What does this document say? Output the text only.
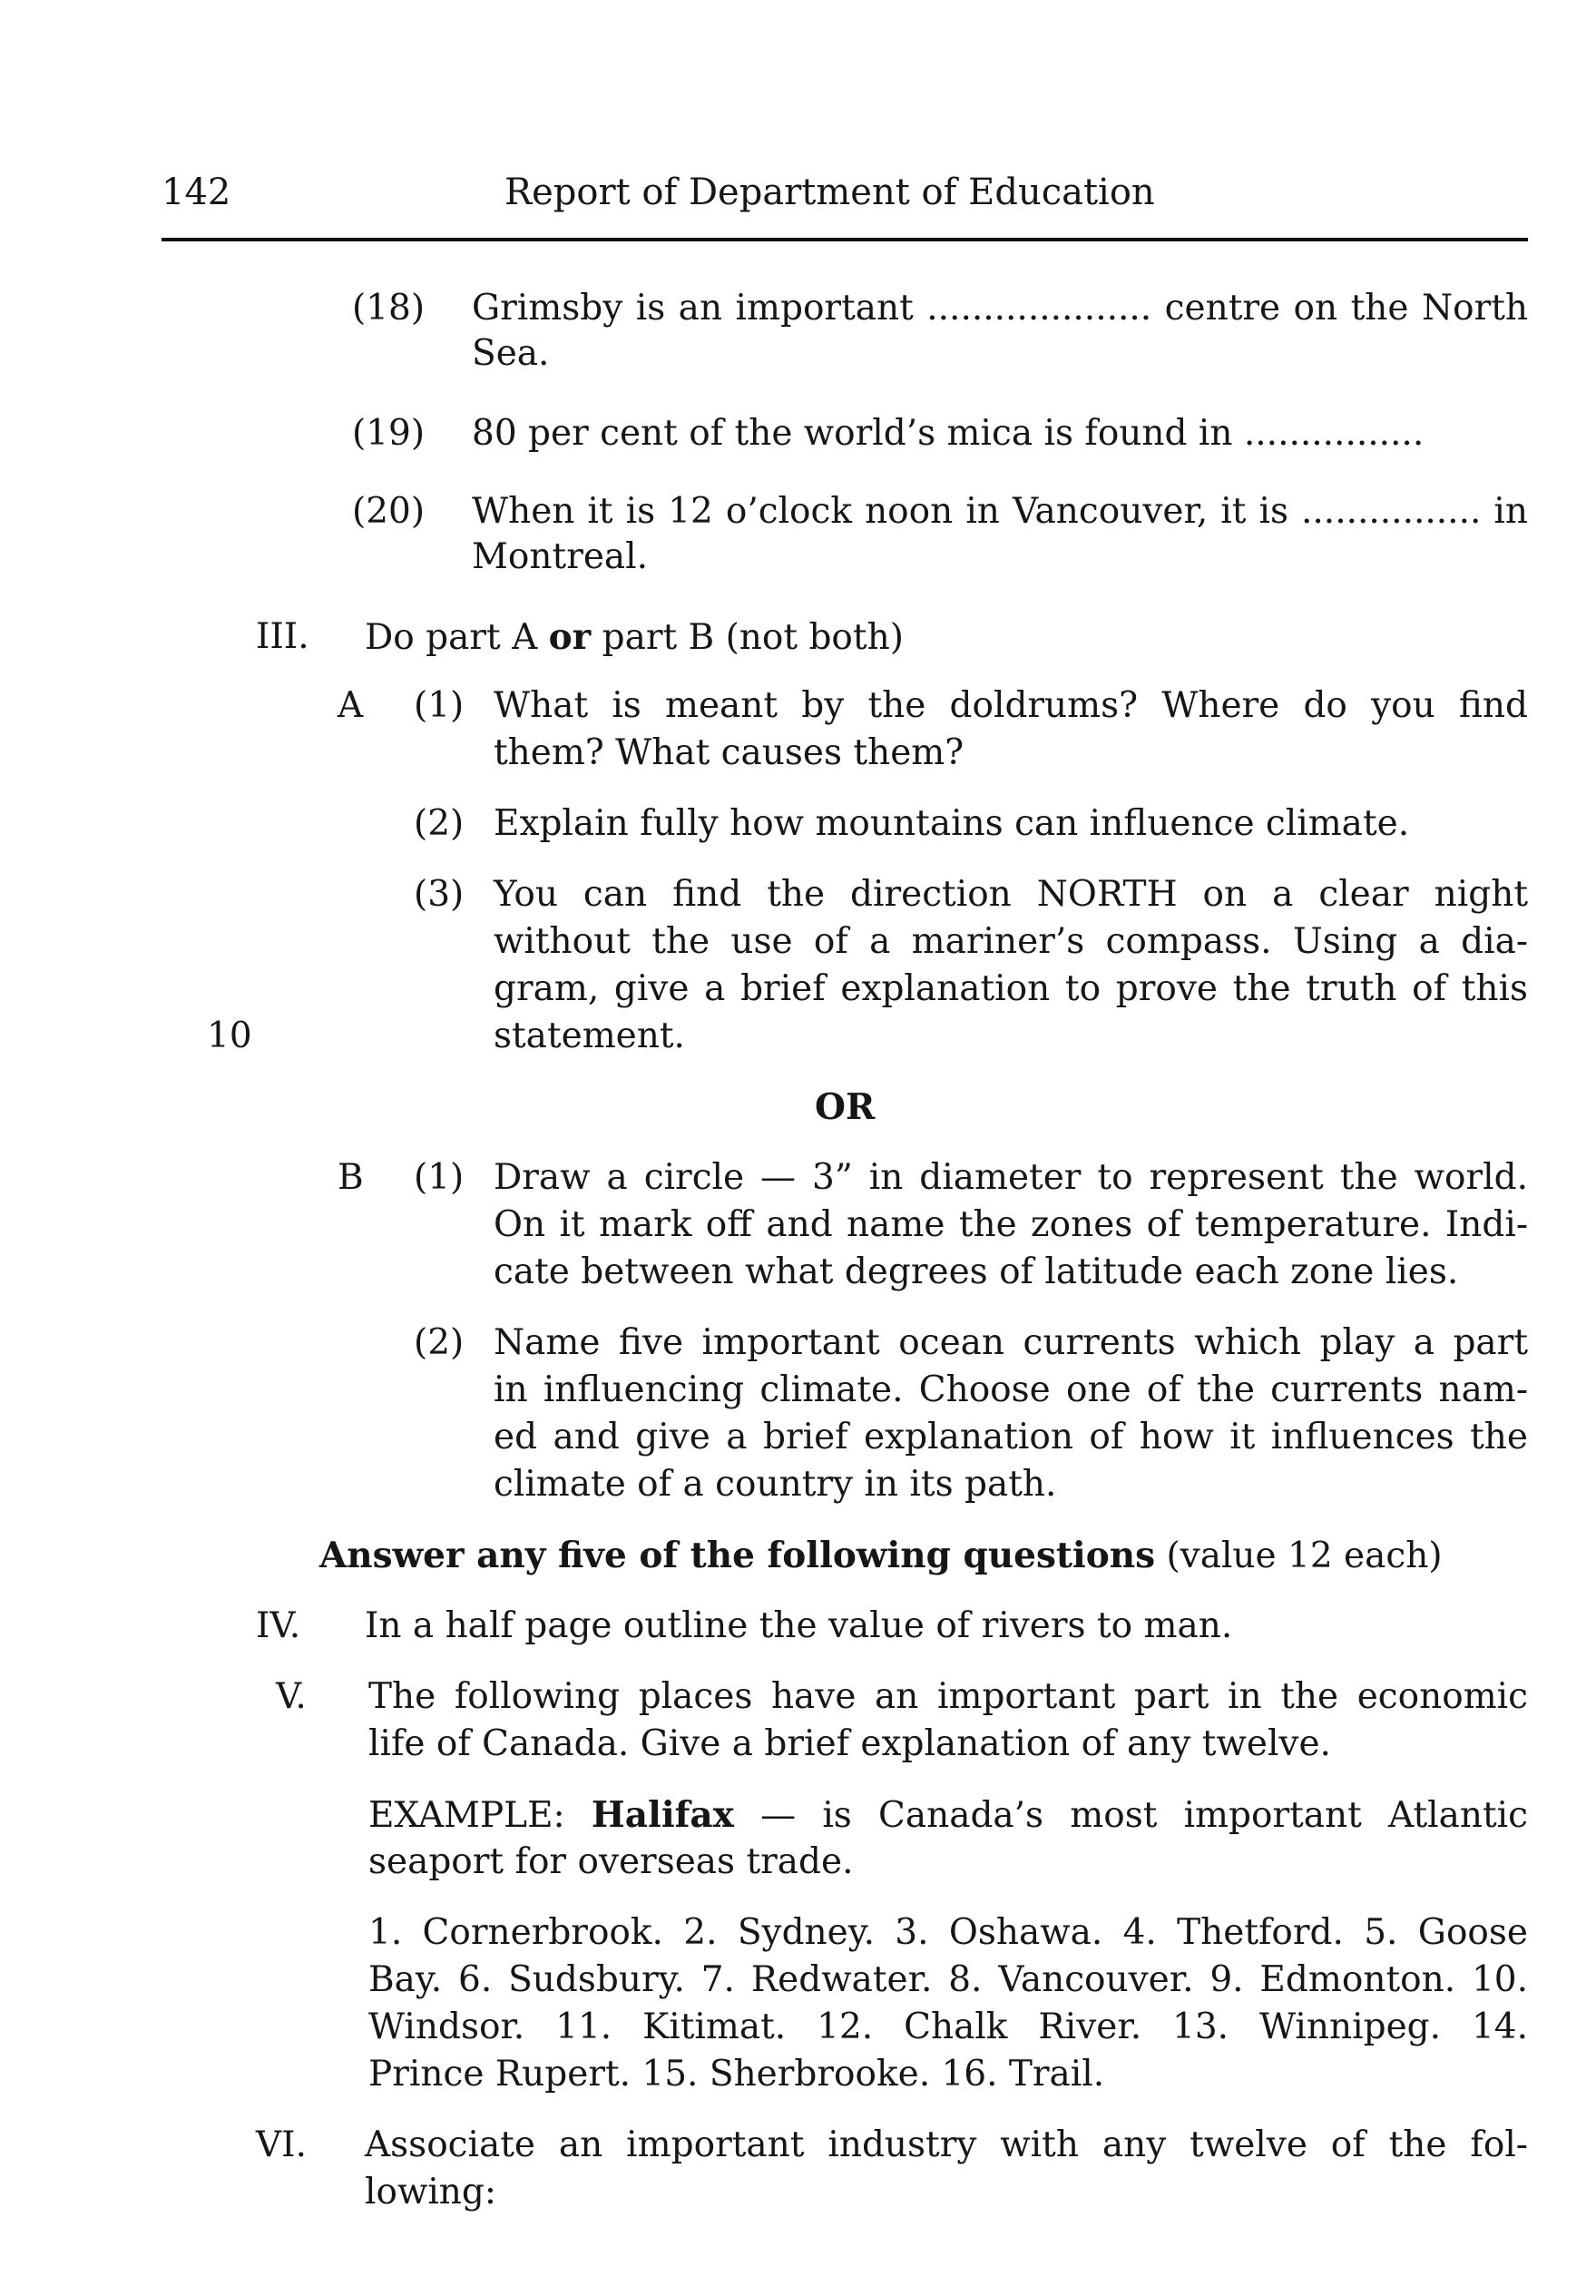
142	Report of Department of Education
(18) Grimsby is an important .................... centre on the North
Sea.
(19) 80 per cent of the world’s mica is found in ................
(20) When it is 12 o’clock noon in Vancouver, it is ................ in
Montreal.
III. Do part A or part B (not both)
A (1) What is meant by the doldrums? Where do you find
them? What causes them?
(2) Explain fully how mountains can influence climate.
(3) You can find the direction NORTH on a clear night
without the use of a mariner’s compass. Using a dia-
gram, give a brief explanation to prove the truth of this
statement.
10
OR
B (1) Draw a circle — 3” in diameter to represent the world.
On it mark off and name the zones of temperature. Indi-
cate between what degrees of latitude each zone lies.
(2) Name five important ocean currents which play a part
in influencing climate. Choose one of the currents nam-
ed and give a brief explanation of how it influences the
climate of a country in its path.
Answer any five of the following questions (value 12 each)
IV. In a half page outline the value of rivers to man.
V. The following places have an important part in the economic
life of Canada. Give a brief explanation of any twelve.
EXAMPLE: Halifax — is Canada’s most important Atlantic
seaport for overseas trade.
1. Cornerbrook. 2. Sydney. 3. Oshawa. 4. Thetford. 5. Goose
Bay. 6. Sudsbury. 7. Redwater. 8. Vancouver. 9. Edmonton. 10.
Windsor. 11. Kitimat. 12. Chalk River. 13. Winnipeg. 14.
Prince Rupert. 15. Sherbrooke. 16. Trail.
VI. Associate an important industry with any twelve of the fol-
lowing:
